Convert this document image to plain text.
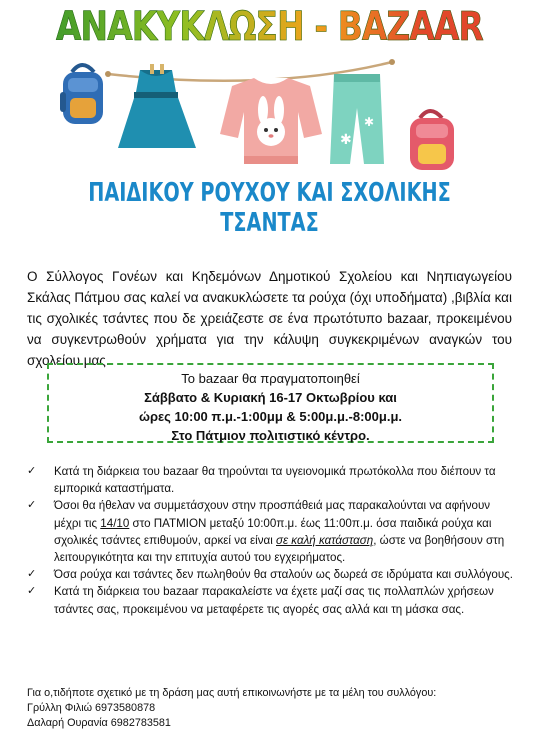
ΑΝΑΚΥΚΛΩΣΗ - BAZAAR
✱
✱
ΠΑΙΔΙΚΟΥ ΡΟΥΧΟΥ ΚΑΙ ΣΧΟΛΙΚΗΣ ΤΣΑΝΤΑΣ

Ο Σύλλογος Γονέων και Κηδεμόνων Δημοτικού Σχολείου και Νηπιαγωγείου Σκάλας Πάτμου σας καλεί να ανακυκλώσετε τα ρούχα (όχι υποδήματα) ,βιβλία και τις σχολικές τσάντες που δε χρειάζεστε σε ένα πρωτότυπο bazaar, προκειμένου να συγκεντρωθούν χρήματα για την κάλυψη συγκεκριμένων αναγκών του σχολείου μας.

Το bazaar θα πραγματοποιηθεί
Σάββατο & Κυριακή 16-17 Οκτωβρίου και
ώρες 10:00 π.μ.-1:00μμ & 5:00μ.μ.-8:00μ.μ.
Στο Πάτμιον πολιτιστικό κέντρο.
✓ Κατά τη διάρκεια του bazaar θα τηρούνται τα υγειονομικά πρωτόκολλα που διέπουν τα εμπορικά καταστήματα.
✓ Όσοι θα ήθελαν να συμμετάσχουν στην προσπάθειά μας παρακαλούνται να αφήνουν μέχρι τις 14/10 στο ΠΑΤΜΙΟΝ μεταξύ 10:00π.μ. έως 11:00π.μ. όσα παιδικά ρούχα και σχολικές τσάντες επιθυμούν, αρκεί να είναι σε καλή κατάσταση, ώστε να βοηθήσουν στη λειτουργικότητα και την επιτυχία αυτού του εγχειρήματος.
✓ Όσα ρούχα και τσάντες δεν πωληθούν θα σταλούν ως δωρεά σε ιδρύματα και συλλόγους.
✓ Κατά τη διάρκεια του bazaar παρακαλείστε να έχετε μαζί σας τις πολλαπλών χρήσεων τσάντες σας, προκειμένου να μεταφέρετε τις αγορές σας αλλά και τη μάσκα σας.
Για ο,τιδήποτε σχετικό με τη δράση μας αυτή επικοινωνήστε με τα μέλη του συλλόγου:
Γρύλλη Φιλιώ 6973580878
Δαλαρή Ουρανία 6982783581
